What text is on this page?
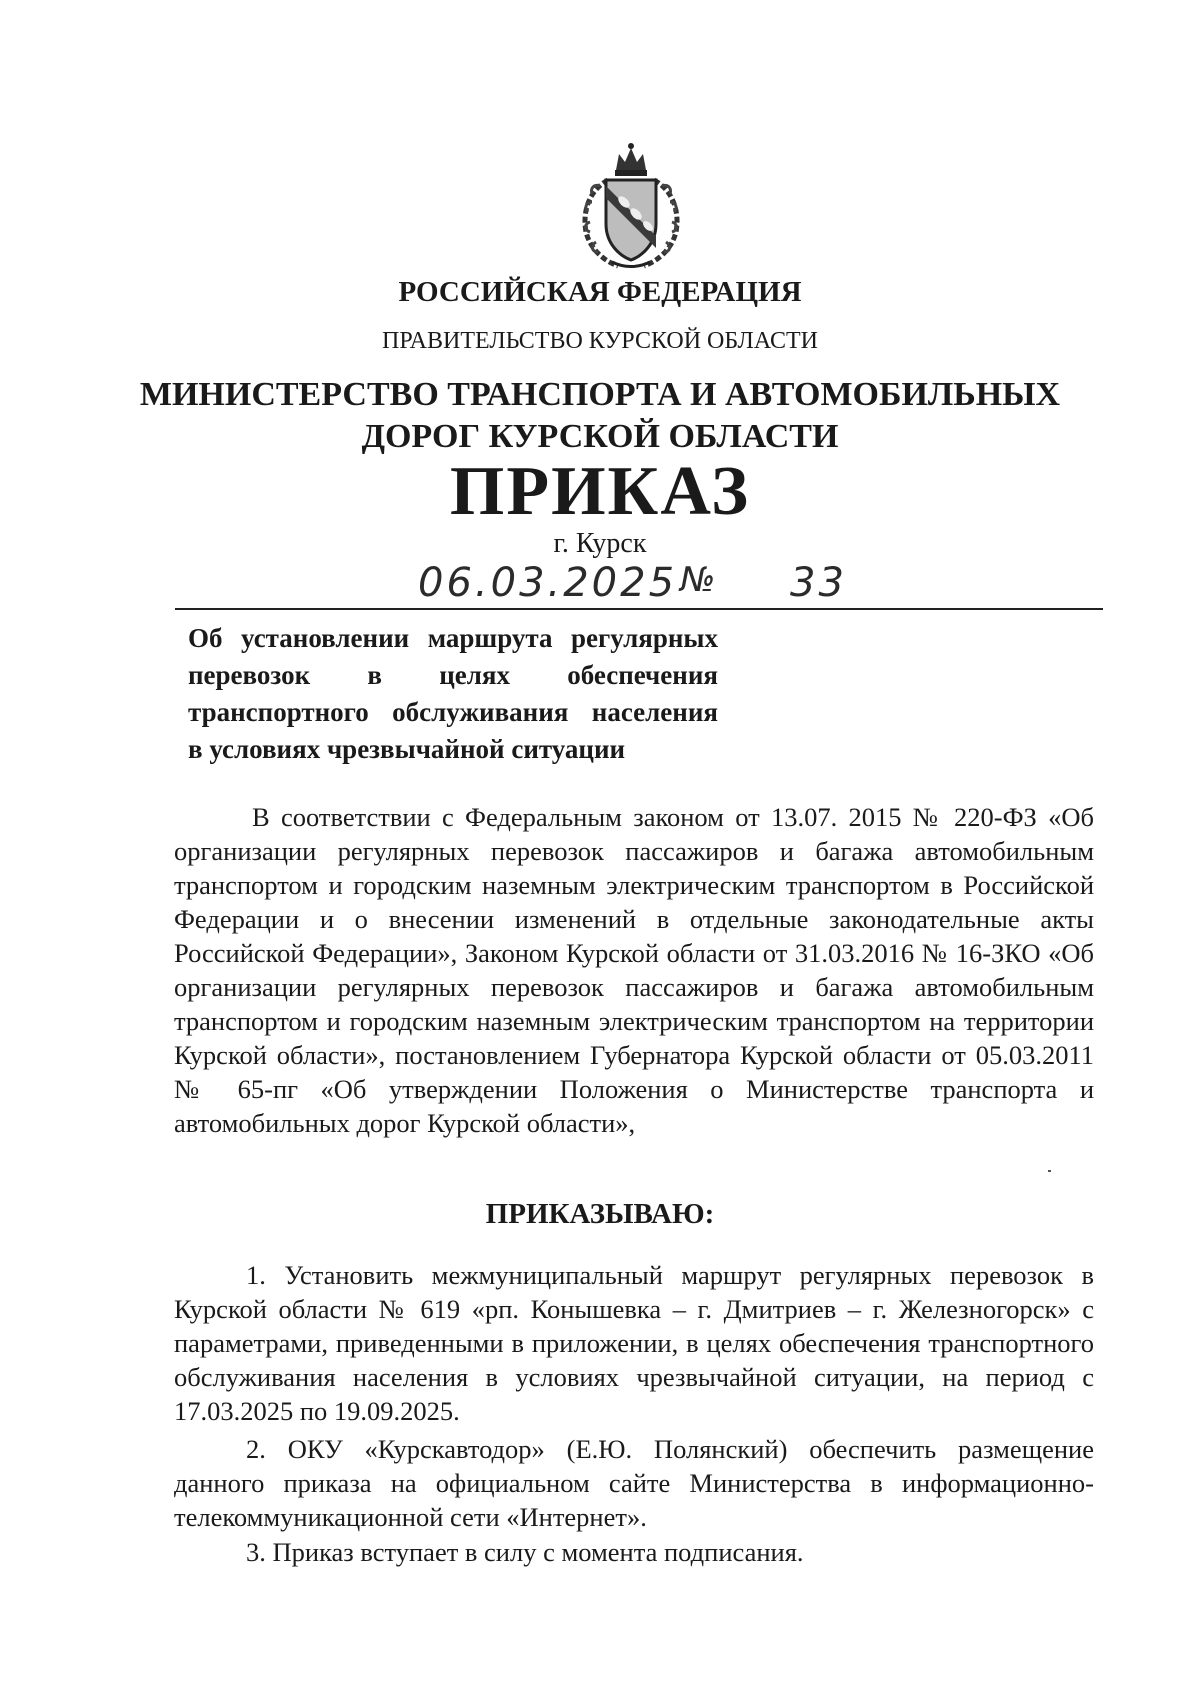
РОССИЙСКАЯ ФЕДЕРАЦИЯ
ПРАВИТЕЛЬСТВО КУРСКОЙ ОБЛАСТИ
МИНИСТЕРСТВО ТРАНСПОРТА И АВТОМОБИЛЬНЫХ
ДОРОГ КУРСКОЙ ОБЛАСТИ
ПРИКАЗ
г. Курск
06.03.2025 № 33
Об установлении маршрута регулярных
перевозок в целях обеспечения
транспортного обслуживания населения
в условиях чрезвычайной ситуации
В соответствии с Федеральным законом от 13.07. 2015 № 220-ФЗ «Об организации регулярных перевозок пассажиров и багажа автомобильным транспортом и городским наземным электрическим транспортом в Российской Федерации и о внесении изменений в отдельные законодательные акты Российской Федерации», Законом Курской области от 31.03.2016 № 16-ЗКО «Об организации регулярных перевозок пассажиров и багажа автомобильным транспортом и городским наземным электрическим транспортом на территории Курской области», постановлением Губернатора Курской области от 05.03.2011 № 65-пг «Об утверждении Положения о Министерстве транспорта и автомобильных дорог Курской области»,
ПРИКАЗЫВАЮ:
1. Установить межмуниципальный маршрут регулярных перевозок в Курской области № 619 «рп. Конышевка – г. Дмитриев – г. Железногорск» с параметрами, приведенными в приложении, в целях обеспечения транспортного обслуживания населения в условиях чрезвычайной ситуации, на период с 17.03.2025 по 19.09.2025.
2. ОКУ «Курскавтодор» (Е.Ю. Полянский) обеспечить размещение данного приказа на официальном сайте Министерства в информационно-телекоммуникационной сети «Интернет».
3. Приказ вступает в силу с момента подписания.
